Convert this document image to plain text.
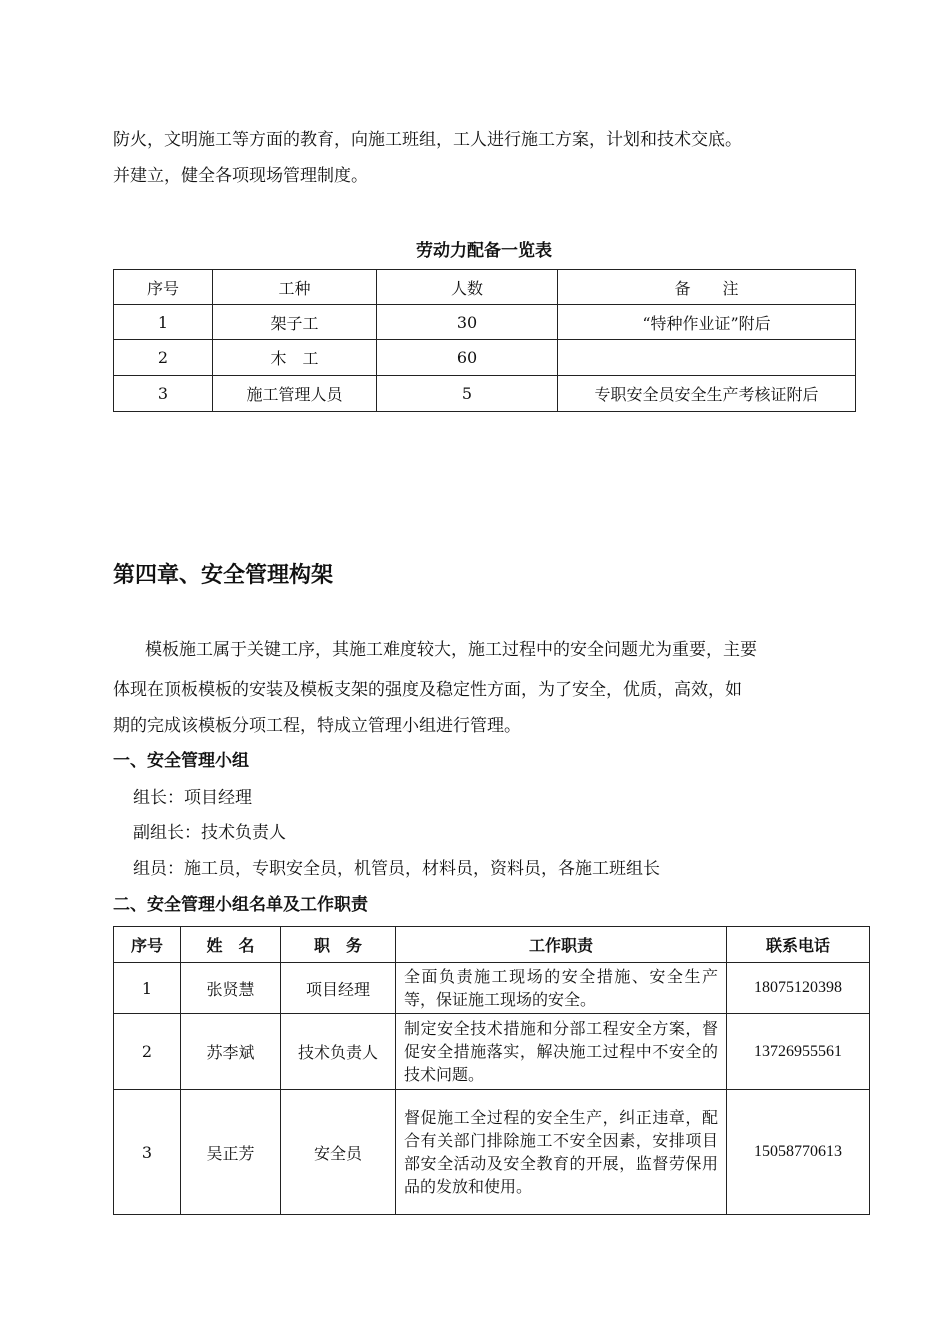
防火，文明施工等方面的教育，向施工班组，工人进行施工方案，计划和技术交底。
并建立，健全各项现场管理制度。
劳动力配备一览表
序号	工种	人数	备　　注
1	架子工	30	“特种作业证”附后
2	木　工	60	
3	施工管理人员	5	专职安全员安全生产考核证附后
第四章、安全管理构架
模板施工属于关键工序，其施工难度较大，施工过程中的安全问题尤为重要，主要
体现在顶板模板的安装及模板支架的强度及稳定性方面，为了安全，优质，高效，如
期的完成该模板分项工程，特成立管理小组进行管理。
一、安全管理小组
组长：项目经理
副组长：技术负责人
组员：施工员，专职安全员，机管员，材料员，资料员，各施工班组长
二、安全管理小组名单及工作职责
序号	姓　名	职　务	工作职责	联系电话
1	张贤慧	项目经理	全面负责施工现场的安全措施、安全生产等，保证施工现场的安全。	18075120398
2	苏李斌	技术负责人	制定安全技术措施和分部工程安全方案，督促安全措施落实，解决施工过程中不安全的技术问题。	13726955561
3	吴正芳	安全员	督促施工全过程的安全生产，纠正违章，配合有关部门排除施工不安全因素，安排项目部安全活动及安全教育的开展，监督劳保用品的发放和使用。	15058770613
